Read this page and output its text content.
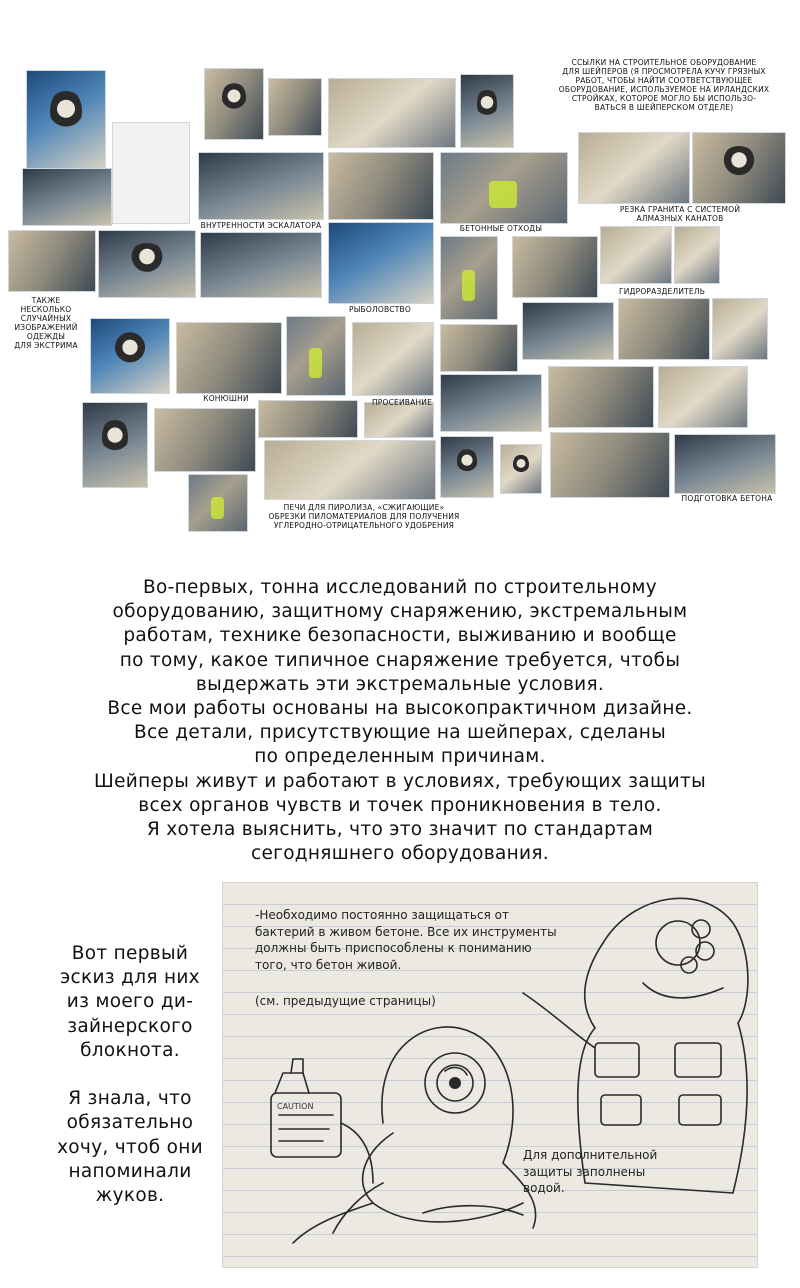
ССЫЛКИ НА СТРОИТЕЛЬНОЕ ОБОРУДОВАНИЕ
ДЛЯ ШЕЙПЕРОВ (Я ПРОСМОТРЕЛА КУЧУ ГРЯЗНЫХ
РАБОТ, ЧТОБЫ НАЙТИ СООТВЕТСТВУЮЩЕЕ
ОБОРУДОВАНИЕ, ИСПОЛЬЗУЕМОЕ НА ИРЛАНДСКИХ
СТРОЙКАХ, КОТОРОЕ МОГЛО БЫ ИСПОЛЬЗО-
ВАТЬСЯ В ШЕЙПЕРСКОМ ОТДЕЛЕ)
ВНУТРЕННОСТИ ЭСКАЛАТОРА	БЕТОННЫЕ ОТХОДЫ
РЕЗКА ГРАНИТА С СИСТЕМОЙ
АЛМАЗНЫХ КАНАТОВ
ТАКЖЕ
НЕСКОЛЬКО
СЛУЧАЙНЫХ
ИЗОБРАЖЕНИЙ
ОДЕЖДЫ
ДЛЯ ЭКСТРИМА
РЫБОЛОВСТВО
ГИДРОРАЗДЕЛИТЕЛЬ
КОНЮШНИ	ПРОСЕИВАНИЕ
ПЕЧИ ДЛЯ ПИРОЛИЗА, «СЖИГАЮЩИЕ»
ОБРЕЗКИ ПИЛОМАТЕРИАЛОВ ДЛЯ ПОЛУЧЕНИЯ
УГЛЕРОДНО-ОТРИЦАТЕЛЬНОГО УДОБРЕНИЯ
ПОДГОТОВКА БЕТОНА
Во-первых, тонна исследований по строительному
оборудованию, защитному снаряжению, экстремальным
работам, технике безопасности, выживанию и вообще
по тому, какое типичное снаряжение требуется, чтобы
выдержать эти экстремальные условия.
Все мои работы основаны на высокопрактичном дизайне.
Все детали, присутствующие на шейперах, сделаны
по определенным причинам.
Шейперы живут и работают в условиях, требующих защиты
всех органов чувств и точек проникновения в тело.
Я хотела выяснить, что это значит по стандартам
сегодняшнего оборудования.
Вот первый
эскиз для них
из моего ди-
зайнерского
блокнота.

Я знала, что
обязательно
хочу, чтоб они
напоминали
жуков.
CAUTION
-Необходимо постоянно защищаться от
бактерий в живом бетоне. Все их инструменты
должны быть приспособлены к пониманию
того, что бетон живой.
(см. предыдущие страницы)
Для дополнительной
защиты заполнены
водой.
